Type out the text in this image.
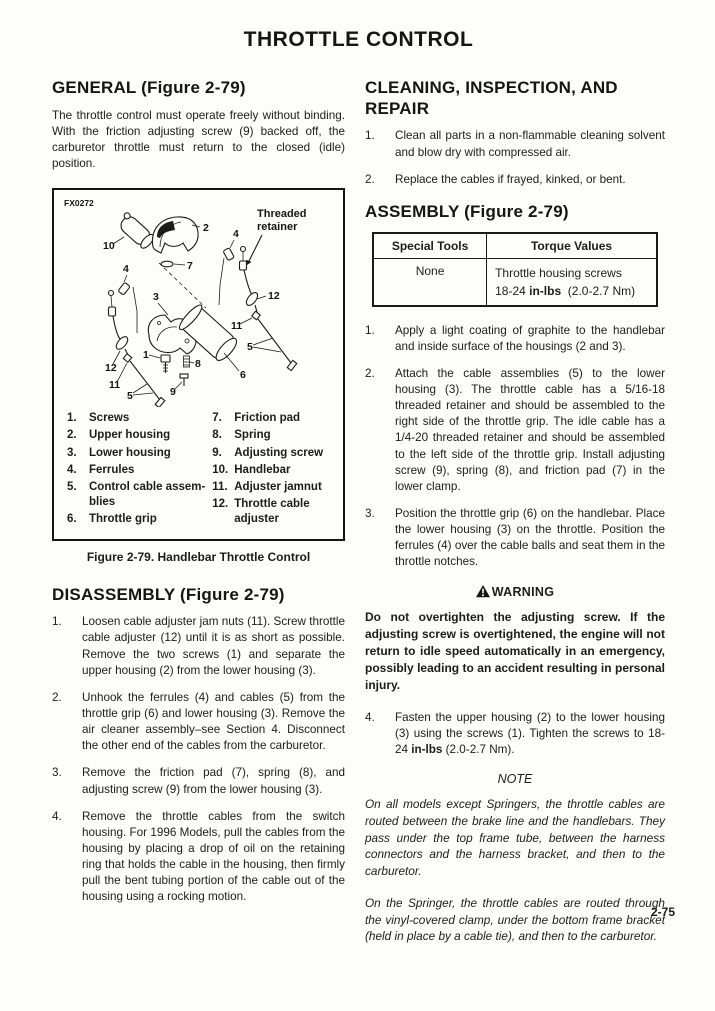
THROTTLE CONTROL
GENERAL (Figure 2-79)

The throttle control must operate freely without binding. With the friction adjusting screw (9) backed off, the carburetor throttle must return to the closed (idle) position.

FX0272
10
2
7
4
4
Threaded
retainer
12
11
5
12
11
5
3
1
8
9
6
1.	Screws
2.	Upper housing
3.	Lower housing
4.	Ferrules
5.	Control cable assem-blies
6.	Throttle grip
7.	Friction pad
8.	Spring
9.	Adjusting screw
10. Handlebar
11. Adjuster jamnut
12. Throttle cable adjuster
Figure 2-79. Handlebar Throttle Control
DISASSEMBLY (Figure 2-79)
1.	Loosen cable adjuster jam nuts (11). Screw throttle cable adjuster (12) until it is as short as possible. Remove the two screws (1) and separate the upper housing (2) from the lower housing (3).
2.	Unhook the ferrules (4) and cables (5) from the throttle grip (6) and lower housing (3). Remove the air cleaner assembly–see Section 4. Disconnect the other end of the cables from the carburetor.
3.	Remove the friction pad (7), spring (8), and adjusting screw (9) from the lower housing (3).
4.	Remove the throttle cables from the switch housing. For 1996 Models, pull the cables from the housing by placing a drop of oil on the retaining ring that holds the cable in the housing, then firmly pull the bent tubing portion of the cable out of the housing using a rocking motion.
CLEANING, INSPECTION, AND REPAIR
1.	Clean all parts in a non-flammable cleaning solvent and blow dry with compressed air.
2.	Replace the cables if frayed, kinked, or bent.
ASSEMBLY (Figure 2-79)
Special Tools	Torque Values
None	Throttle housing screws
18-24 in-lbs  (2.0-2.7 Nm)
1.	Apply a light coating of graphite to the handlebar and inside surface of the housings (2 and 3).
2.	Attach the cable assemblies (5) to the lower housing (3). The throttle cable has a 5/16-18 threaded retainer and should be assembled to the right side of the throttle grip. The idle cable has a 1/4-20 threaded retainer and should be assembled to the left side of the throttle grip. Install adjusting screw (9), spring (8), and friction pad (7) in the lower clamp.
3.	Position the throttle grip (6) on the handlebar. Place the lower housing (3) on the throttle. Position the ferrules (4) over the cable balls and seat them in the throttle notches.
WARNING

Do not overtighten the adjusting screw. If the adjusting screw is overtightened, the engine will not return to idle speed automatically in an emergency, possibly leading to an accident resulting in personal injury.

4.	Fasten the upper housing (2) to the lower housing (3) using the screws (1). Tighten the screws to 18-24 in-lbs (2.0-2.7 Nm).
NOTE

On all models except Springers, the throttle cables are routed between the brake line and the handlebars. They pass under the top frame tube, between the harness connectors and the harness bracket, and then to the carburetor.

On the Springer, the throttle cables are routed through the vinyl-covered clamp, under the bottom frame bracket (held in place by a cable tie), and then to the carburetor.

2-75
